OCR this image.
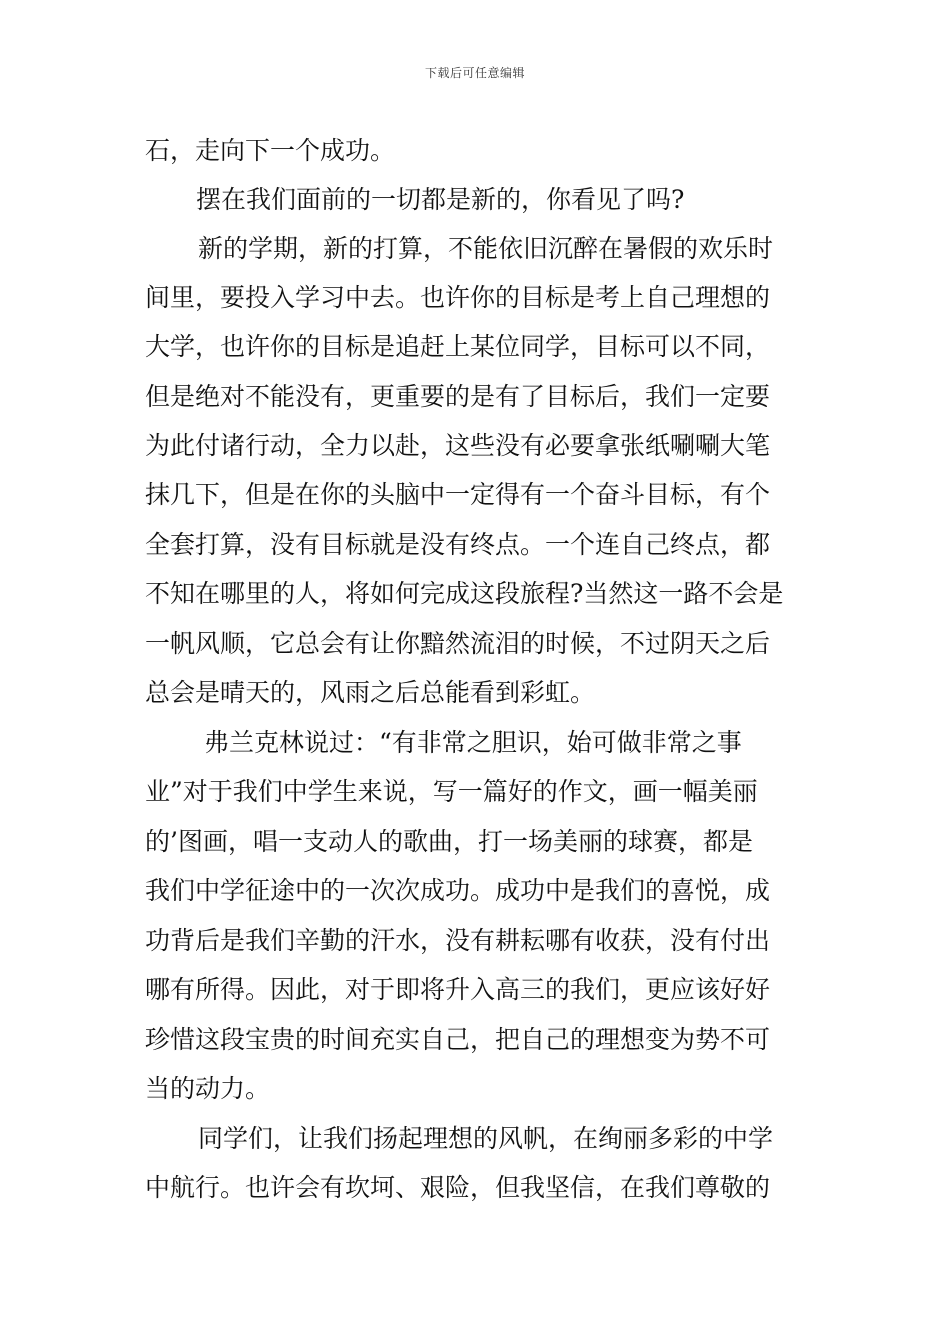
下载后可任意编辑
石，走向下一个成功。
摆在我们面前的一切都是新的，你看见了吗?
新的学期，新的打算，不能依旧沉醉在暑假的欢乐时
间里，要投入学习中去。也许你的目标是考上自己理想的
大学，也许你的目标是追赶上某位同学，目标可以不同，
但是绝对不能没有，更重要的是有了目标后，我们一定要
为此付诸行动，全力以赴，这些没有必要拿张纸唰唰大笔
抹几下，但是在你的头脑中一定得有一个奋斗目标，有个
全套打算，没有目标就是没有终点。一个连自己终点，都
不知在哪里的人，将如何完成这段旅程?当然这一路不会是
一帆风顺，它总会有让你黯然流泪的时候，不过阴天之后
总会是晴天的，风雨之后总能看到彩虹。
弗兰克林说过：“有非常之胆识，始可做非常之事
业”对于我们中学生来说，写一篇好的作文，画一幅美丽
的’图画，唱一支动人的歌曲，打一场美丽的球赛，都是
我们中学征途中的一次次成功。成功中是我们的喜悦，成
功背后是我们辛勤的汗水，没有耕耘哪有收获，没有付出
哪有所得。因此，对于即将升入高三的我们，更应该好好
珍惜这段宝贵的时间充实自己，把自己的理想变为势不可
当的动力。
同学们，让我们扬起理想的风帆，在绚丽多彩的中学
中航行。也许会有坎坷、艰险，但我坚信，在我们尊敬的
